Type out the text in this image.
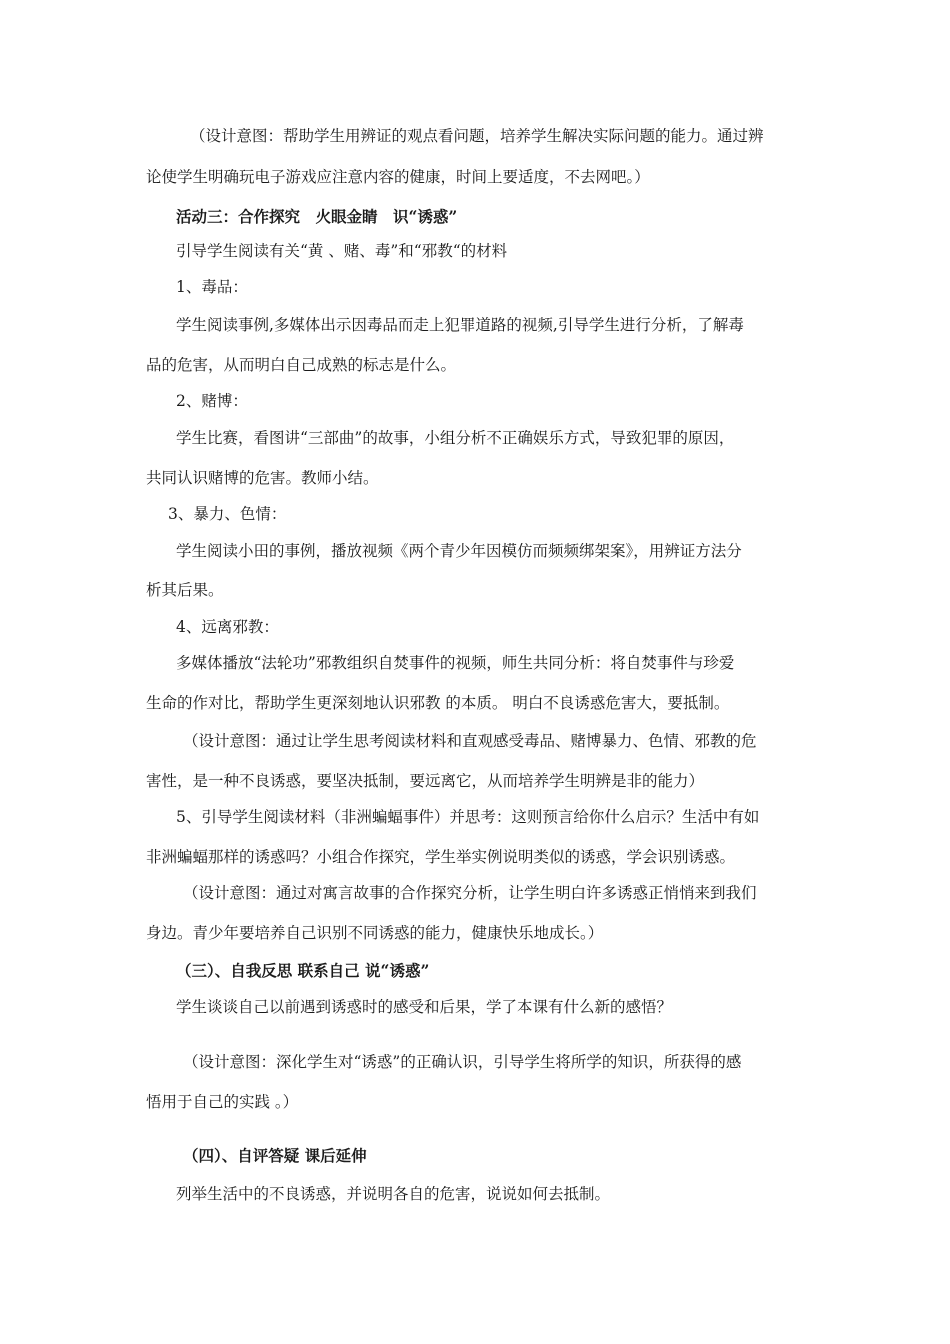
（设计意图：帮助学生用辨证的观点看问题，培养学生解决实际问题的能力。通过辨
论使学生明确玩电子游戏应注意内容的健康，时间上要适度，不去网吧。）
活动三：合作探究　火眼金睛　识“诱惑”
引导学生阅读有关“黄 、赌、毒”和“邪教“的材料
1、毒品：
学生阅读事例,多媒体出示因毒品而走上犯罪道路的视频,引导学生进行分析，了解毒
品的危害，从而明白自己成熟的标志是什么。
2、赌博：
学生比赛，看图讲“三部曲”的故事，小组分析不正确娱乐方式，导致犯罪的原因，
共同认识赌博的危害。教师小结。
3、暴力、色情：
学生阅读小田的事例，播放视频《两个青少年因模仿而频频绑架案》，用辨证方法分
析其后果。
4、远离邪教：
多媒体播放“法轮功”邪教组织自焚事件的视频，师生共同分析：将自焚事件与珍爱
生命的作对比，帮助学生更深刻地认识邪教 的本质。 明白不良诱惑危害大，要抵制。
（设计意图：通过让学生思考阅读材料和直观感受毒品、赌博暴力、色情、邪教的危
害性，是一种不良诱惑，要坚决抵制，要远离它，从而培养学生明辨是非的能力）
5、引导学生阅读材料（非洲蝙蝠事件）并思考：这则预言给你什么启示？生活中有如
非洲蝙蝠那样的诱惑吗？小组合作探究，学生举实例说明类似的诱惑，学会识别诱惑。
（设计意图：通过对寓言故事的合作探究分析，让学生明白许多诱惑正悄悄来到我们
身边。青少年要培养自己识别不同诱惑的能力，健康快乐地成长。）
（三）、自我反思 联系自己 说“诱惑”
学生谈谈自己以前遇到诱惑时的感受和后果，学了本课有什么新的感悟？
（设计意图：深化学生对“诱惑”的正确认识，引导学生将所学的知识，所获得的感
悟用于自己的实践 。）
（四）、自评答疑 课后延伸
列举生活中的不良诱惑，并说明各自的危害，说说如何去抵制。
